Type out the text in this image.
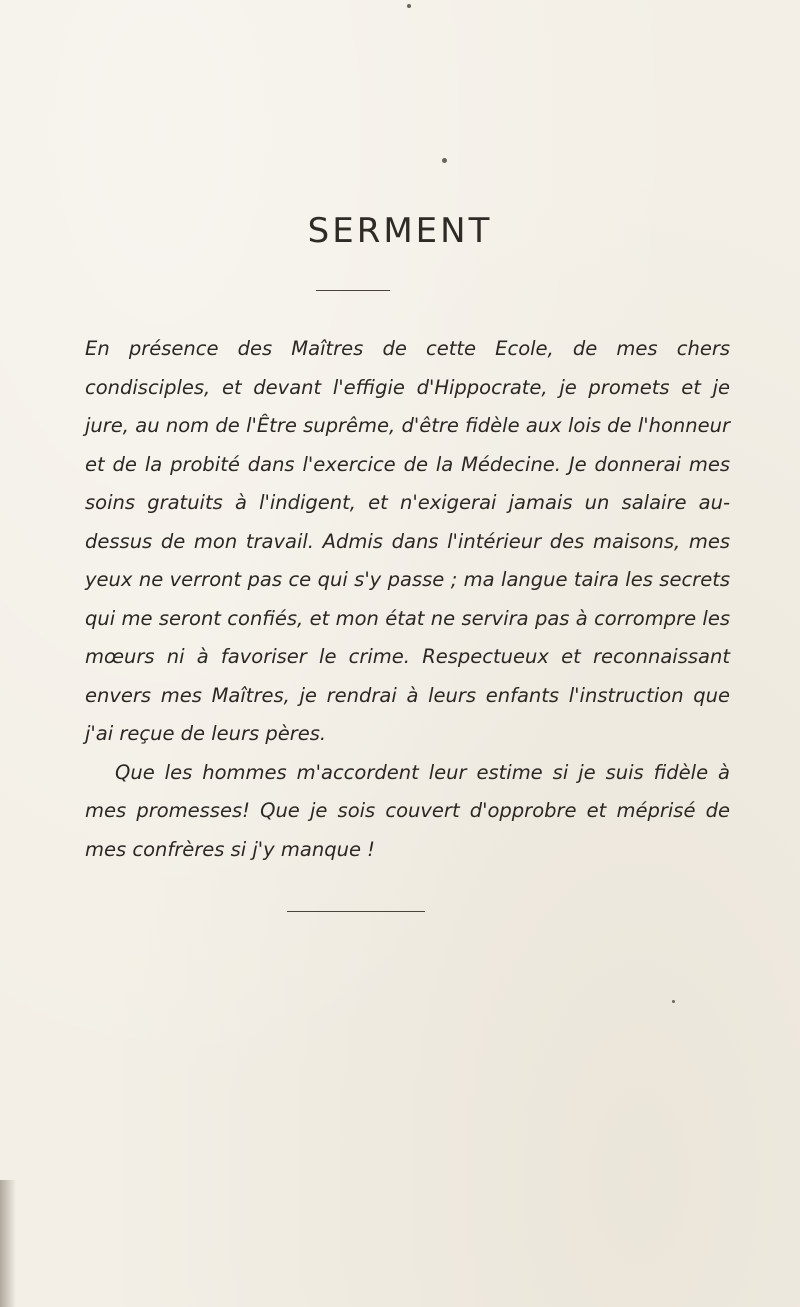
SERMENT

En présence des Maîtres de cette Ecole, de mes chers condisciples, et devant l'effigie d'Hippocrate, je promets et je jure, au nom de l'Être suprême, d'être fidèle aux lois de l'honneur et de la probité dans l'exercice de la Médecine. Je donnerai mes soins gratuits à l'indigent, et n'exigerai jamais un salaire au-dessus de mon travail. Admis dans l'intérieur des maisons, mes yeux ne verront pas ce qui s'y passe ; ma langue taira les secrets qui me seront confiés, et mon état ne servira pas à corrompre les mœurs ni à favoriser le crime. Respectueux et reconnaissant envers mes Maîtres, je rendrai à leurs enfants l'instruction que j'ai reçue de leurs pères.

Que les hommes m'accordent leur estime si je suis fidèle à mes promesses! Que je sois couvert d'opprobre et méprisé de mes confrères si j'y manque !
